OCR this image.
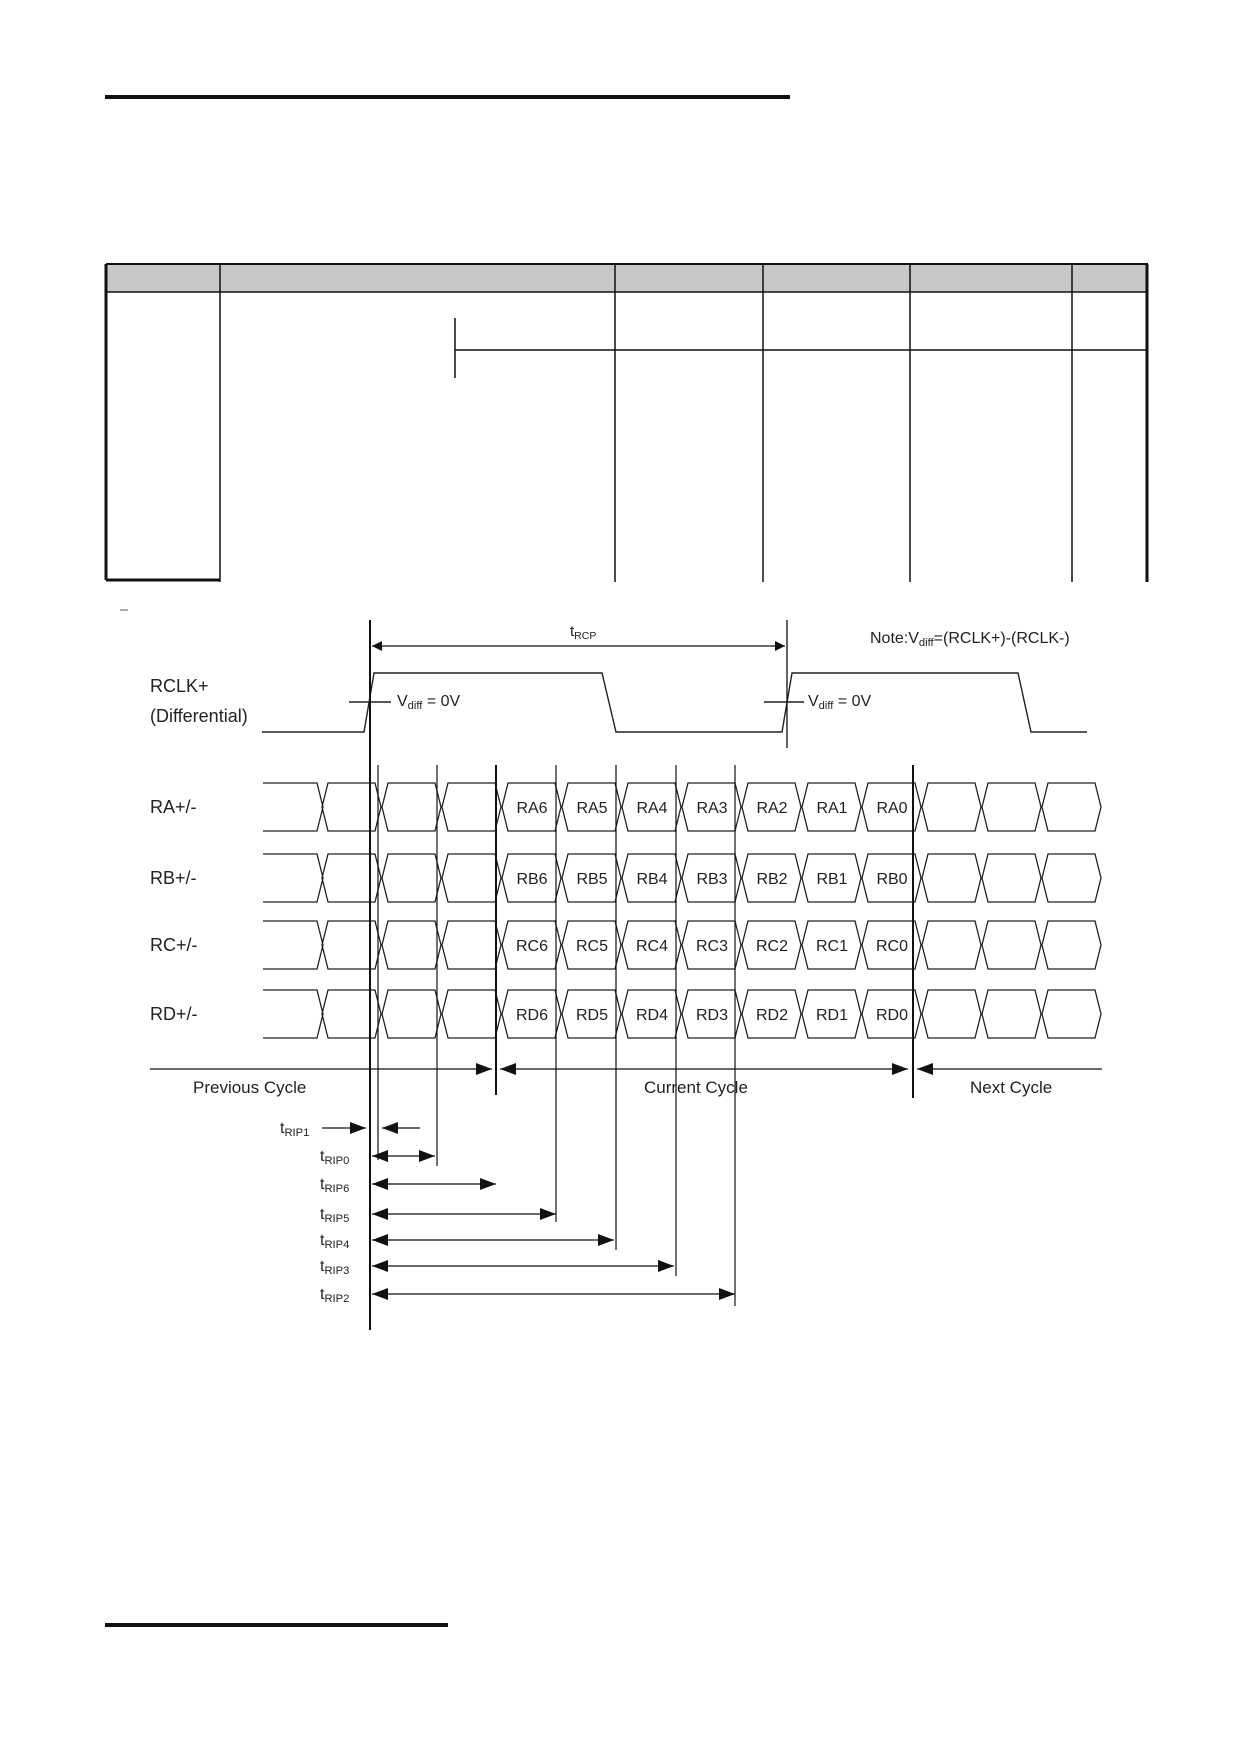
RCLK+
(Differential)
Note:Vdiff=(RCLK+)-(RCLK-)
tRCP
Vdiff = 0V	Vdiff = 0V
Previous Cycle	Current Cycle	Next Cycle
RA+/-	RA6 RA5 RA4 RA3 RA2 RA1 RA0
RB+/-	RB6 RB5 RB4 RB3 RB2 RB1 RB0
RC+/-	RC6 RC5 RC4 RC3 RC2 RC1 RC0
RD+/-	RD6 RD5 RD4 RD3 RD2 RD1 RD0
tRIP1
tRIP0
tRIP6
tRIP5
tRIP4
tRIP3
tRIP2
